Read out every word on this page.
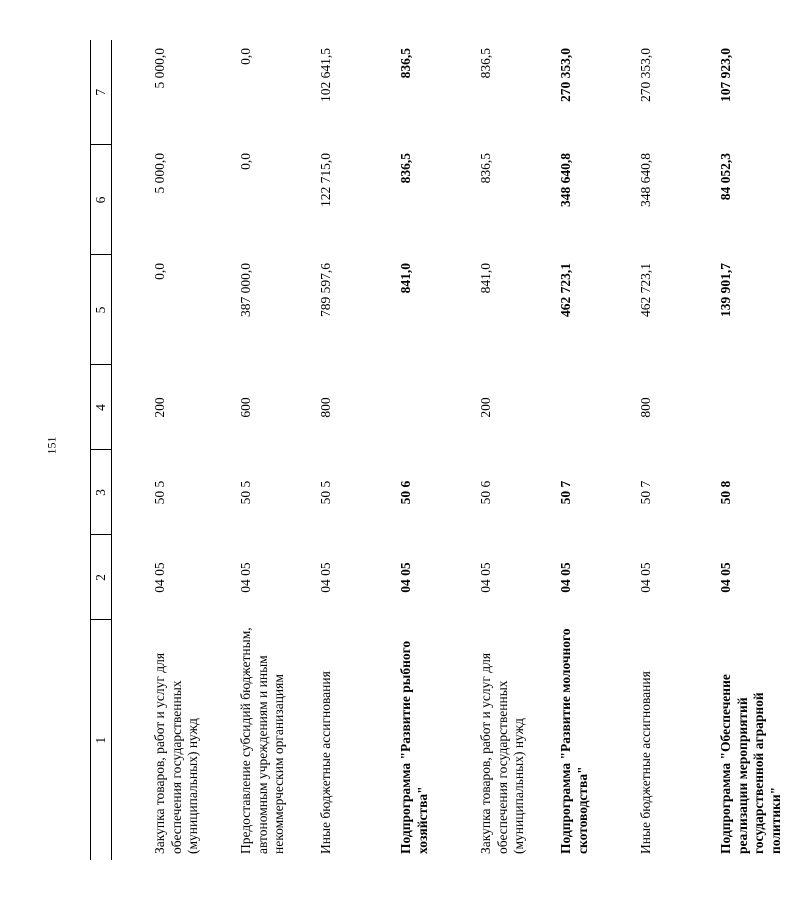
151
1	2	3	4	5	6	7
Закупка товаров, работ и услуг для обеспечения государственных (муниципальных) нужд	04 05	50 5	200	0,0	5 000,0	5 000,0
Предоставление субсидий бюджетным, автономным учреждениям и иным некоммерческим организациям	04 05	50 5	600	387 000,0	0,0	0,0
Иные бюджетные ассигнования	04 05	50 5	800	789 597,6	122 715,0	102 641,5
Подпрограмма "Развитие рыбного хозяйства"	04 05	50 6		841,0	836,5	836,5
Закупка товаров, работ и услуг для обеспечения государственных (муниципальных) нужд	04 05	50 6	200	841,0	836,5	836,5
Подпрограмма "Развитие молочного скотоводства"	04 05	50 7		462 723,1	348 640,8	270 353,0
Иные бюджетные ассигнования	04 05	50 7	800	462 723,1	348 640,8	270 353,0
Подпрограмма "Обеспечение реализации мероприятий государственной аграрной политики"	04 05	50 8		139 901,7	84 052,3	107 923,0
